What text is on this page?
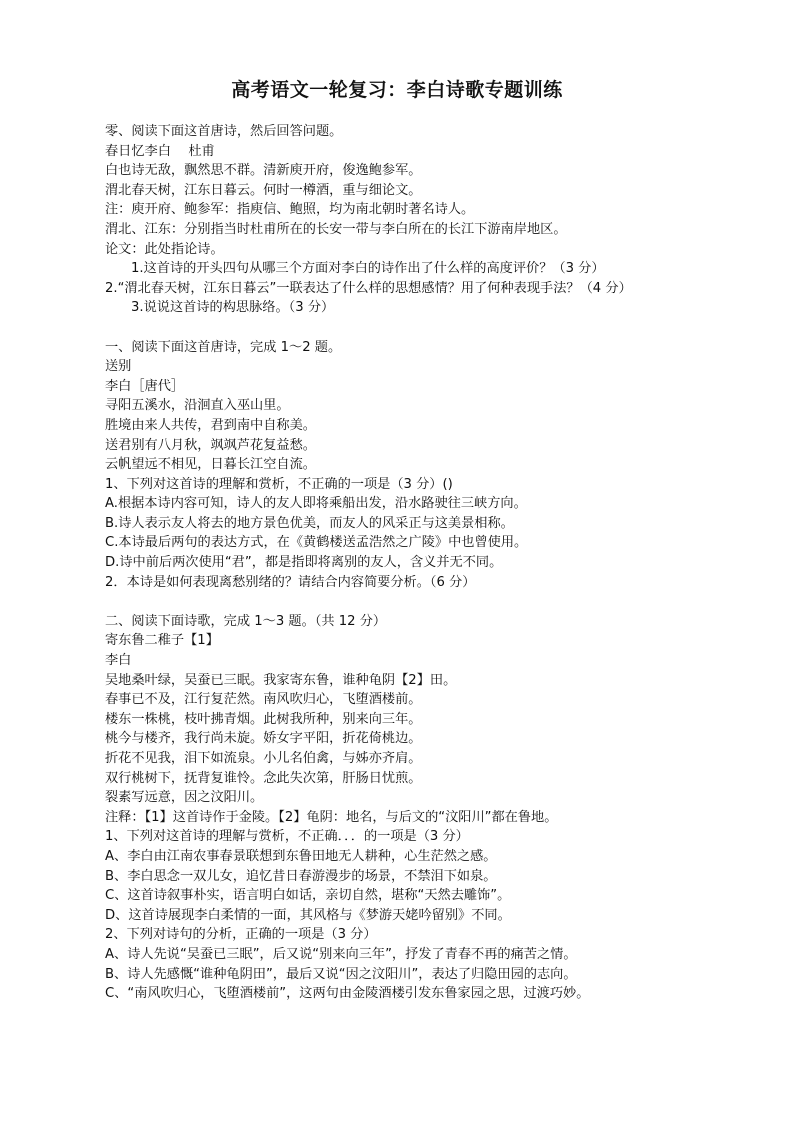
高考语文一轮复习：李白诗歌专题训练
零、阅读下面这首唐诗，然后回答问题。
春日忆李白　 杜甫
白也诗无敌，飘然思不群。清新庾开府，俊逸鲍参军。
渭北春天树，江东日暮云。何时一樽酒，重与细论文。
注：庾开府、鲍参军：指庾信、鲍照，均为南北朝时著名诗人。
渭北、江东：分别指当时杜甫所在的长安一带与李白所在的长江下游南岸地区。
论文：此处指论诗。
1.这首诗的开头四句从哪三个方面对李白的诗作出了什么样的高度评价？（3 分）
2.“渭北春天树，江东日暮云”一联表达了什么样的思想感情？用了何种表现手法？（4 分）
3.说说这首诗的构思脉络。（3 分）
一、阅读下面这首唐诗，完成 1～2 题。
送别
李白［唐代］
寻阳五溪水，沿洄直入巫山里。
胜境由来人共传，君到南中自称美。
送君别有八月秋，飒飒芦花复益愁。
云帆望远不相见，日暮长江空自流。
1、下列对这首诗的理解和赏析，不正确的一项是（3 分）()
A.根据本诗内容可知，诗人的友人即将乘船出发，沿水路驶往三峡方向。
B.诗人表示友人将去的地方景色优美，而友人的风采正与这美景相称。
C.本诗最后两句的表达方式，在《黄鹤楼送孟浩然之广陵》中也曾使用。
D.诗中前后两次使用“君”，都是指即将离别的友人，含义并无不同。
2．本诗是如何表现离愁别绪的？请结合内容简要分析。（6 分）
二、阅读下面诗歌，完成 1～3 题。（共 12 分）
寄东鲁二稚子【1】
李白
吴地桑叶绿，吴蚕已三眠。我家寄东鲁，谁种龟阴【2】田。
春事已不及，江行复茫然。南风吹归心，飞堕酒楼前。
楼东一株桃，枝叶拂青烟。此树我所种，别来向三年。
桃今与楼齐，我行尚未旋。娇女字平阳，折花倚桃边。
折花不见我，泪下如流泉。小儿名伯禽，与姊亦齐肩。
双行桃树下，抚背复谁怜。念此失次第，肝肠日忧煎。
裂素写远意，因之汶阳川。
注释：【1】这首诗作于金陵。【2】龟阴：地名，与后文的“汶阳川”都在鲁地。
1、下列对这首诗的理解与赏析，不正确．．．的一项是（3 分）
A、李白由江南农事春景联想到东鲁田地无人耕种，心生茫然之感。
B、李白思念一双儿女，追忆昔日春游漫步的场景，不禁泪下如泉。
C、这首诗叙事朴实，语言明白如话，亲切自然，堪称“天然去雕饰”。
D、这首诗展现李白柔情的一面，其风格与《梦游天姥吟留别》不同。
2、下列对诗句的分析，正确的一项是（3 分）
A、诗人先说“吴蚕已三眠”，后又说“别来向三年”，抒发了青春不再的痛苦之情。
B、诗人先感慨“谁种龟阴田”，最后又说“因之汶阳川”，表达了归隐田园的志向。
C、“南风吹归心，飞堕酒楼前”，这两句由金陵酒楼引发东鲁家园之思，过渡巧妙。
